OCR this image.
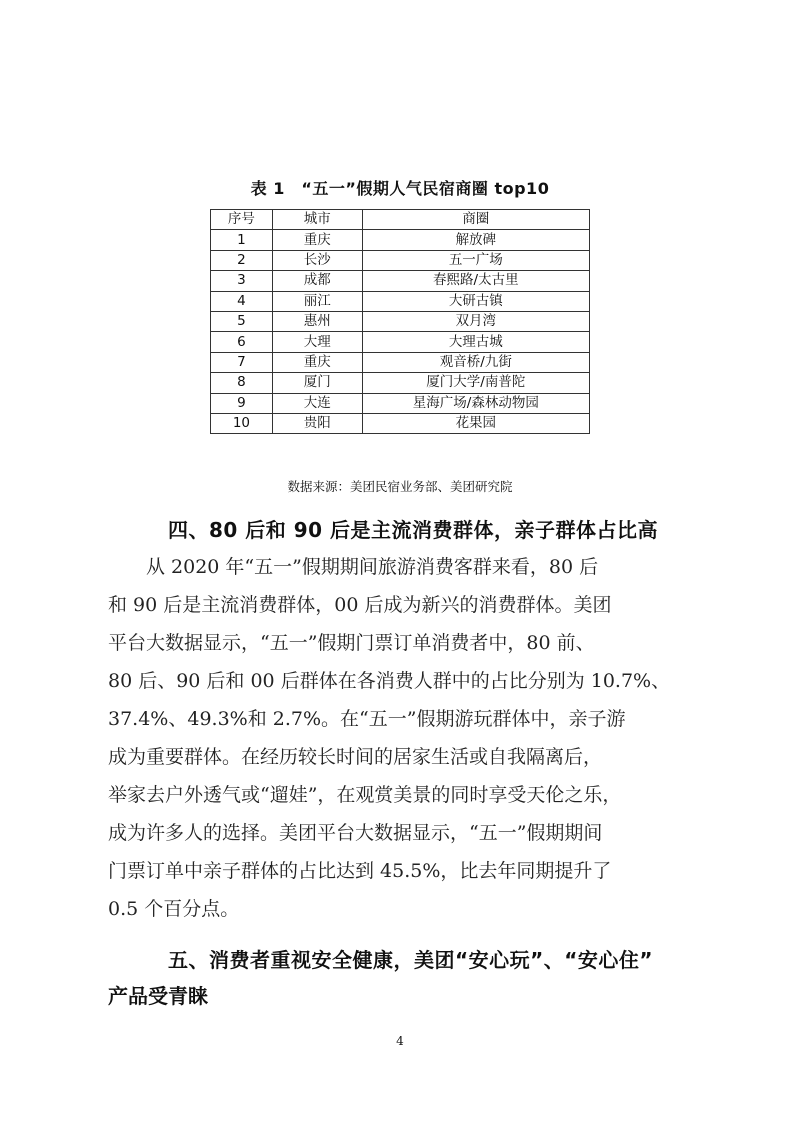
表 1　“五一”假期人气民宿商圈 top10
序号	城市	商圈
1	重庆	解放碑
2	长沙	五一广场
3	成都	春熙路/太古里
4	丽江	大研古镇
5	惠州	双月湾
6	大理	大理古城
7	重庆	观音桥/九街
8	厦门	厦门大学/南普陀
9	大连	星海广场/森林动物园
10	贵阳	花果园
数据来源：美团民宿业务部、美团研究院
四、80 后和 90 后是主流消费群体，亲子群体占比高
　　从 2020 年“五一”假期期间旅游消费客群来看，80 后
和 90 后是主流消费群体，00 后成为新兴的消费群体。美团
平台大数据显示，“五一”假期门票订单消费者中，80 前、
80 后、90 后和 00 后群体在各消费人群中的占比分别为 10.7%、
37.4%、49.3%和 2.7%。在“五一”假期游玩群体中，亲子游
成为重要群体。在经历较长时间的居家生活或自我隔离后，
举家去户外透气或“遛娃”，在观赏美景的同时享受天伦之乐，
成为许多人的选择。美团平台大数据显示，“五一”假期期间
门票订单中亲子群体的占比达到 45.5%，比去年同期提升了
0.5 个百分点。
五、消费者重视安全健康，美团“安心玩”、“安心住”
产品受青睐
4
